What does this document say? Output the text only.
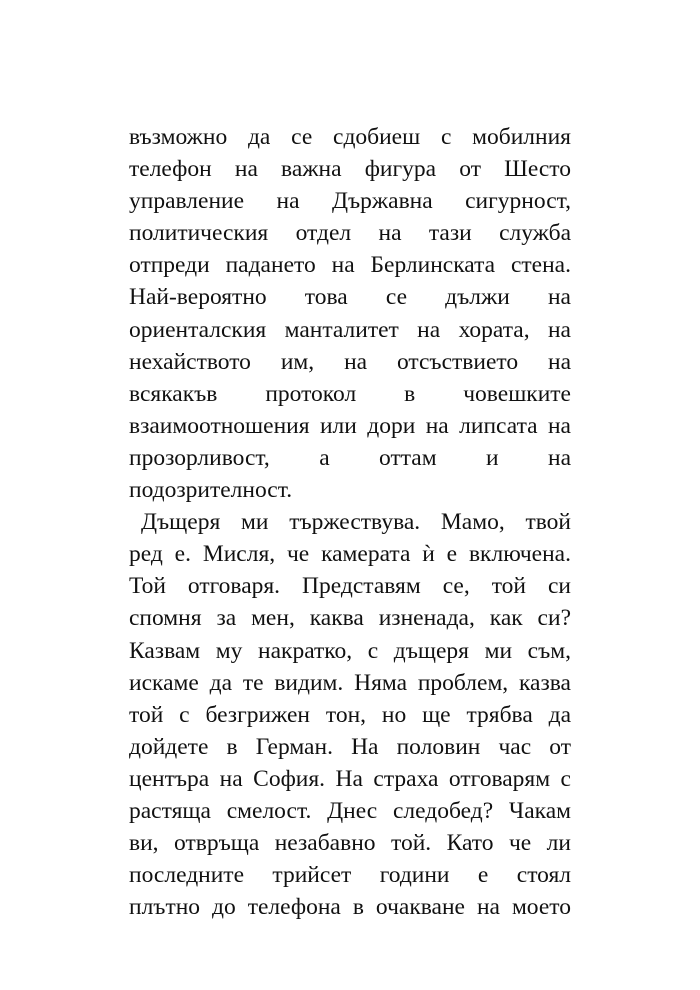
възможно да се сдобиеш с мобилния
телефон на важна фигура от Шесто
управление на Държавна сигурност,
политическия отдел на тази служба
отпреди падането на Берлинската стена.
Най-вероятно това се дължи на
ориенталския манталитет на хората, на
нехайството им, на отсъствието на
всякакъв протокол в човешките
взаимоотношения или дори на липсата на
прозорливост, а оттам и на
подозрителност.
Дъщеря ми тържествува. Мамо, твой
ред е. Мисля, че камерата ѝ е включена.
Той отговаря. Представям се, той си
спомня за мен, каква изненада, как си?
Казвам му накратко, с дъщеря ми съм,
искаме да те видим. Няма проблем, казва
той с безгрижен тон, но ще трябва да
дойдете в Герман. На половин час от
центъра на София. На страха отговарям с
растяща смелост. Днес следобед? Чакам
ви, отвръща незабавно той. Като че ли
последните трийсет години е стоял
плътно до телефона в очакване на моето
